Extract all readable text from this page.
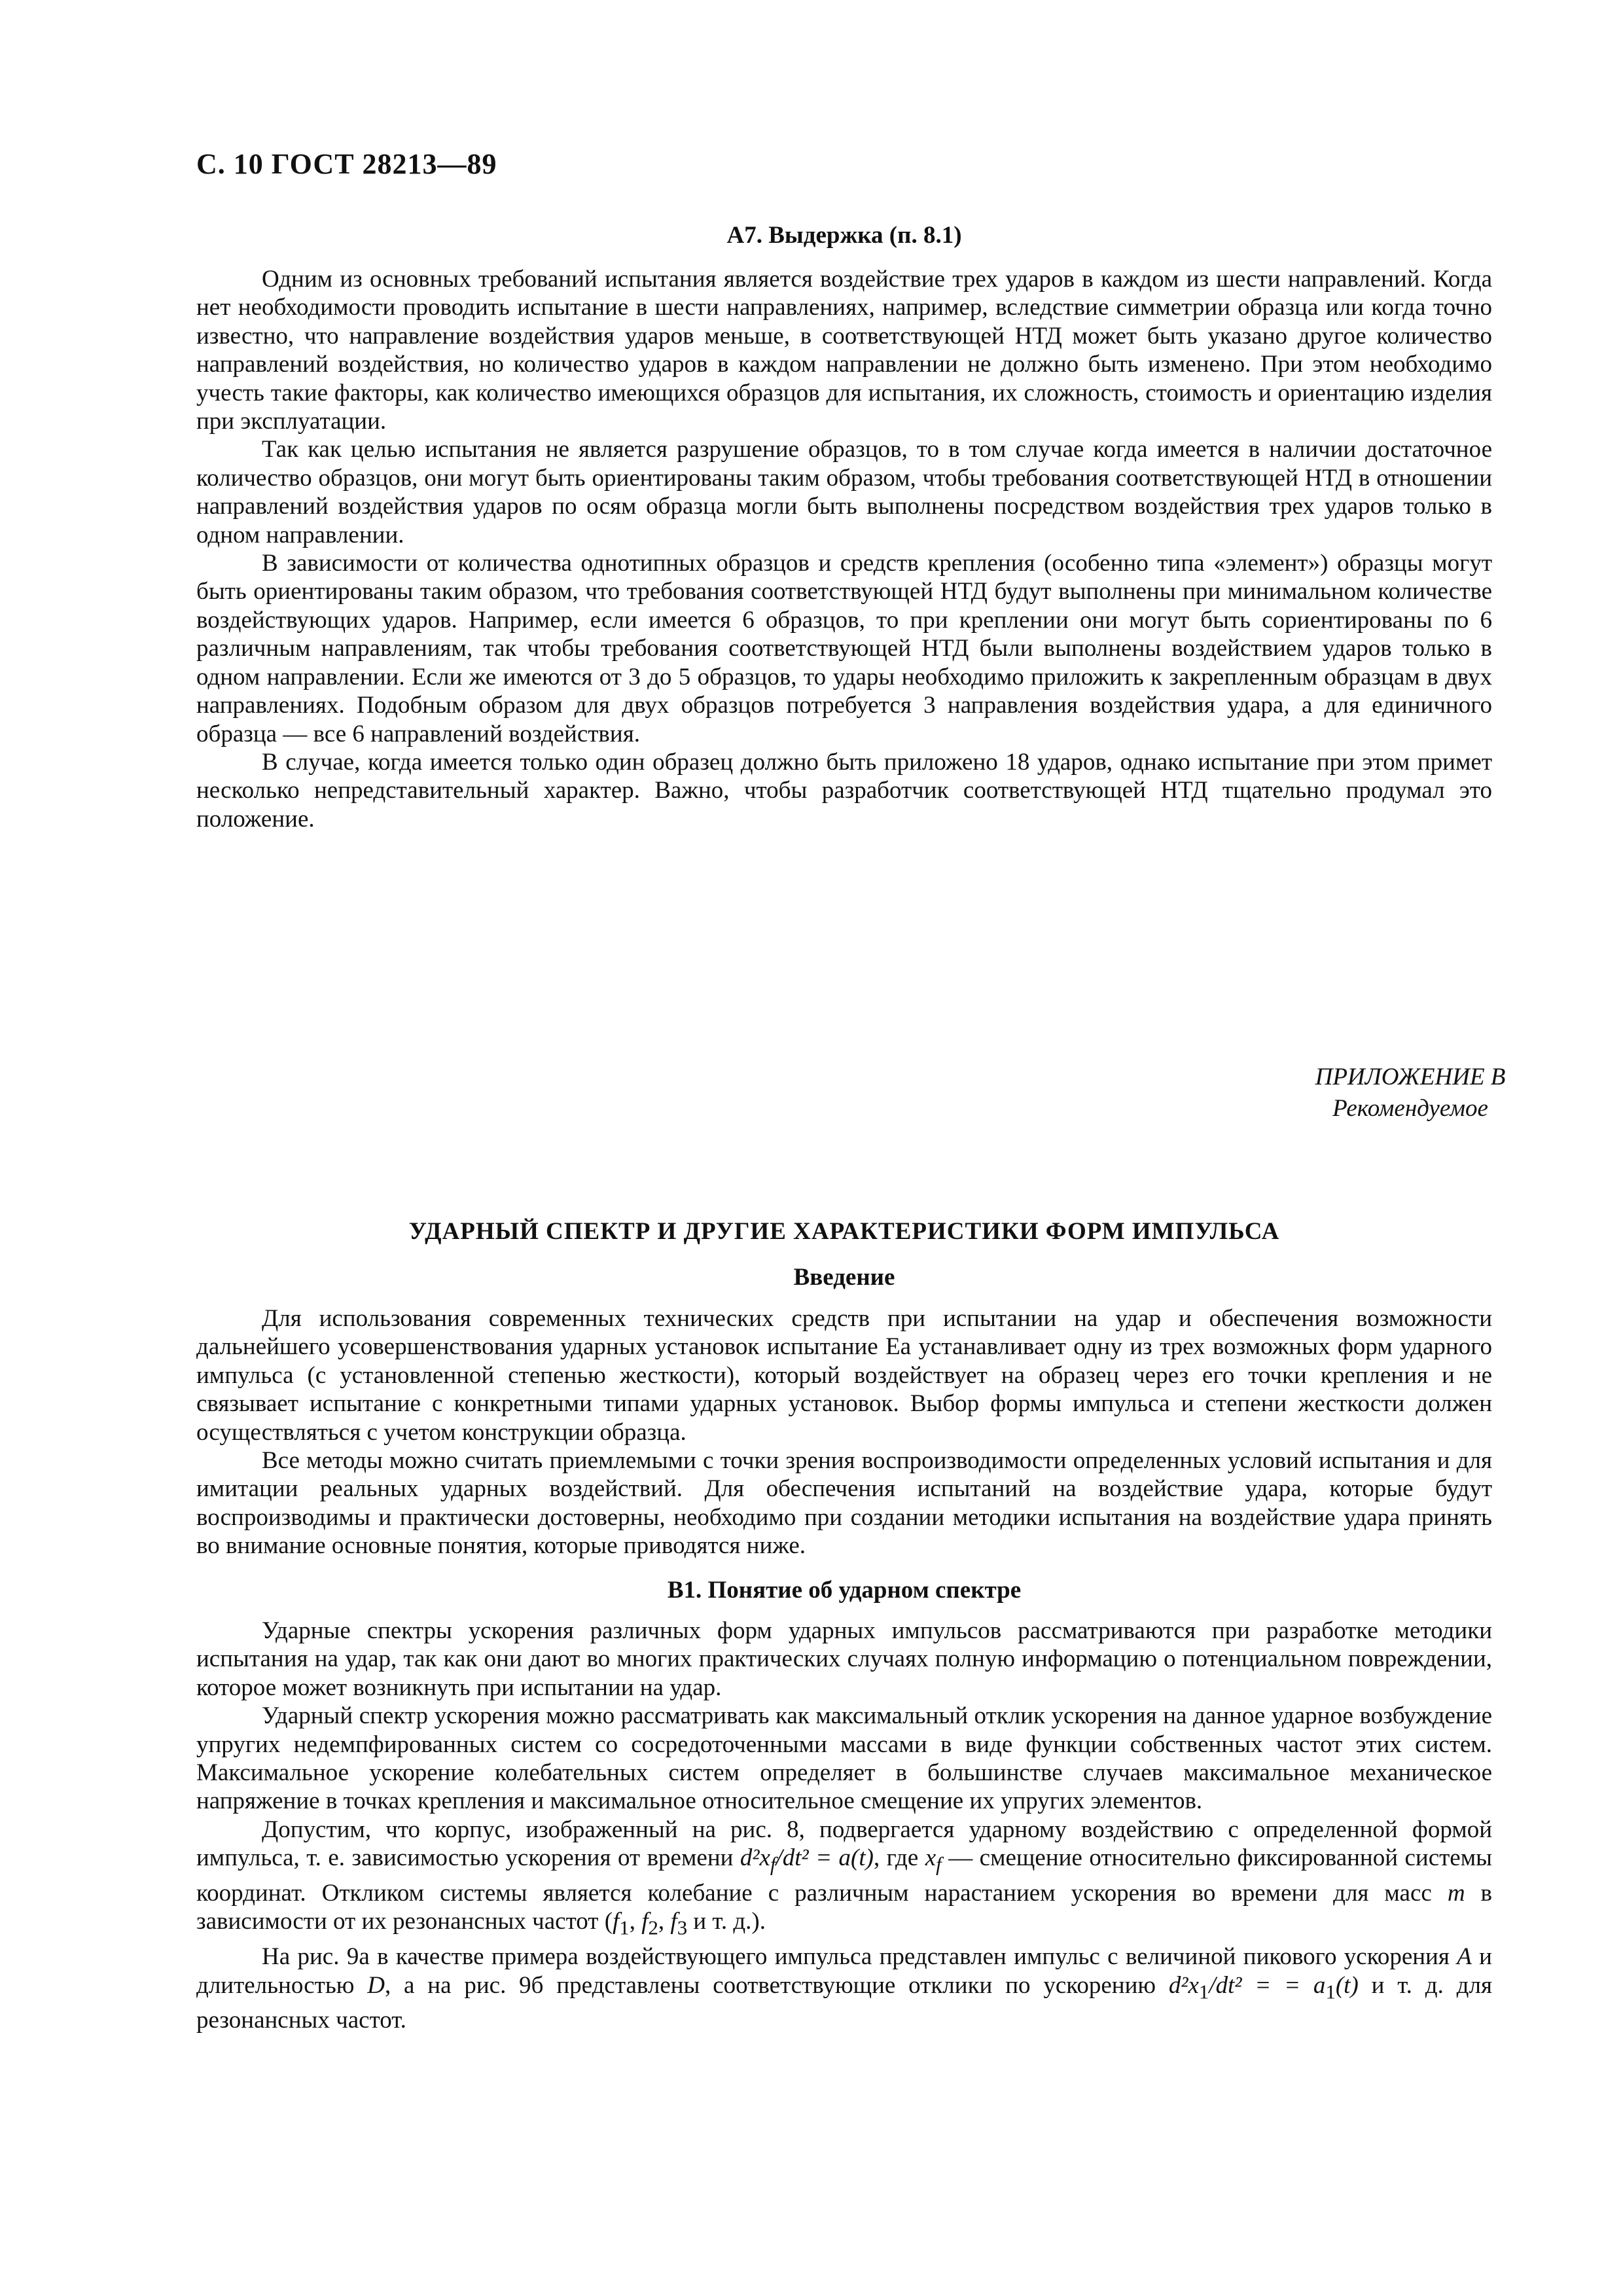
С. 10 ГОСТ 28213—89
А7. Выдержка (п. 8.1)

Одним из основных требований испытания является воздействие трех ударов в каждом из шести направлений. Когда нет необходимости проводить испытание в шести направлениях, например, вследствие симметрии образца или когда точно известно, что направление воздействия ударов меньше, в соответствующей НТД может быть указано другое количество направлений воздействия, но количество ударов в каждом направлении не должно быть изменено. При этом необходимо учесть такие факторы, как количество имеющихся образцов для испытания, их сложность, стоимость и ориентацию изделия при эксплуатации.

Так как целью испытания не является разрушение образцов, то в том случае когда имеется в наличии достаточное количество образцов, они могут быть ориентированы таким образом, чтобы требования соответствующей НТД в отношении направлений воздействия ударов по осям образца могли быть выполнены посредством воздействия трех ударов только в одном направлении.

В зависимости от количества однотипных образцов и средств крепления (особенно типа «элемент») образцы могут быть ориентированы таким образом, что требования соответствующей НТД будут выполнены при минимальном количестве воздействующих ударов. Например, если имеется 6 образцов, то при креплении они могут быть сориентированы по 6 различным направлениям, так чтобы требования соответствующей НТД были выполнены воздействием ударов только в одном направлении. Если же имеются от 3 до 5 образцов, то удары необходимо приложить к закрепленным образцам в двух направлениях. Подобным образом для двух образцов потребуется 3 направления воздействия удара, а для единичного образца — все 6 направлений воздействия.

В случае, когда имеется только один образец должно быть приложено 18 ударов, однако испытание при этом примет несколько непредставительный характер. Важно, чтобы разработчик соответствующей НТД тщательно продумал это положение.

ПРИЛОЖЕНИЕ В
Рекомендуемое
УДАРНЫЙ СПЕКТР И ДРУГИЕ ХАРАКТЕРИСТИКИ ФОРМ ИМПУЛЬСА
Введение

Для использования современных технических средств при испытании на удар и обеспечения возможности дальнейшего усовершенствования ударных установок испытание Еа устанавливает одну из трех возможных форм ударного импульса (с установленной степенью жесткости), который воздействует на образец через его точки крепления и не связывает испытание с конкретными типами ударных установок. Выбор формы импульса и степени жесткости должен осуществляться с учетом конструкции образца.

Все методы можно считать приемлемыми с точки зрения воспроизводимости определенных условий испытания и для имитации реальных ударных воздействий. Для обеспечения испытаний на воздействие удара, которые будут воспроизводимы и практически достоверны, необходимо при создании методики испытания на воздействие удара принять во внимание основные понятия, которые приводятся ниже.

В1. Понятие об ударном спектре

Ударные спектры ускорения различных форм ударных импульсов рассматриваются при разработке методики испытания на удар, так как они дают во многих практических случаях полную информацию о потенциальном повреждении, которое может возникнуть при испытании на удар.

Ударный спектр ускорения можно рассматривать как максимальный отклик ускорения на данное ударное возбуждение упругих недемпфированных систем со сосредоточенными массами в виде функции собственных частот этих систем. Максимальное ускорение колебательных систем определяет в большинстве случаев максимальное механическое напряжение в точках крепления и максимальное относительное смещение их упругих элементов.

Допустим, что корпус, изображенный на рис. 8, подвергается ударному воздействию с определенной формой импульса, т. е. зависимостью ускорения от времени $d^2x_f$/dt² = a(t), где $x_f$ — смещение относительно фиксированной системы координат. Откликом системы является колебание с различным нарастанием ускорения во времени для масс m в зависимости от их резонансных частот ($f_1$, $f_2$, $f_3$ и т. д.).

На рис. 9а в качестве примера воздействующего импульса представлен импульс с величиной пикового ускорения A и длительностью D, а на рис. 9б представлены соответствующие отклики по ускорению $d^2x_1$/dt² = = $a_1(t)$ и т. д. для резонансных частот.
